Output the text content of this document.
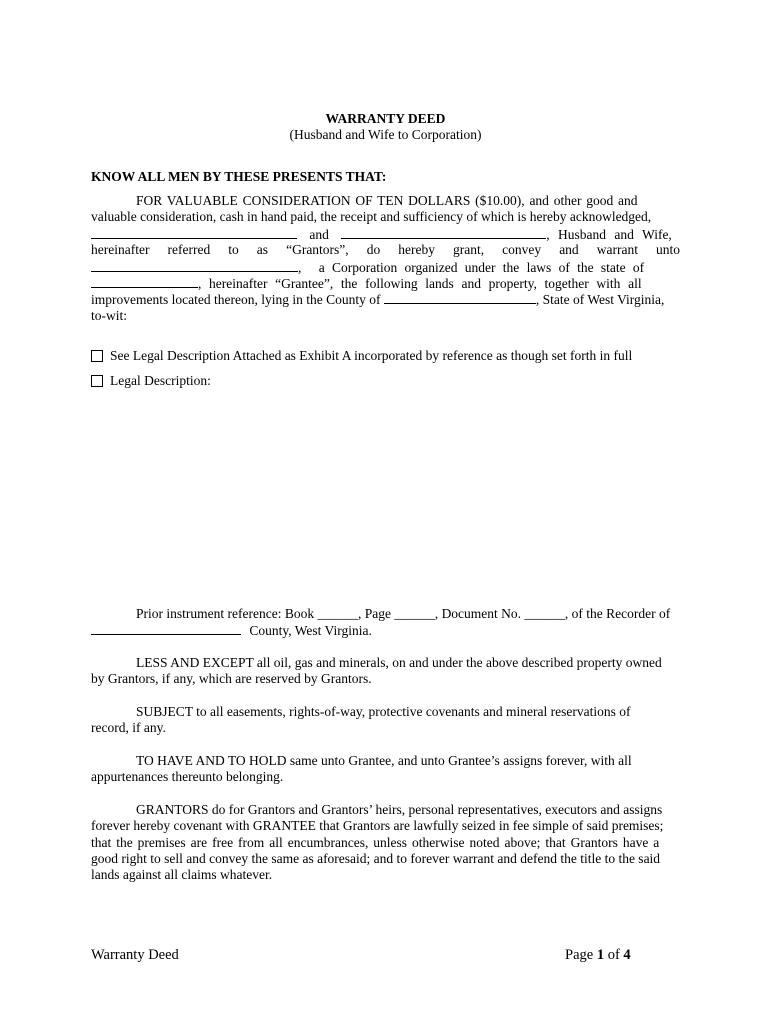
WARRANTY DEED
(Husband and Wife to Corporation)
KNOW ALL MEN BY THESE PRESENTS THAT:
FOR VALUABLE CONSIDERATION OF TEN DOLLARS ($10.00), and other good and
valuable consideration, cash in hand paid, the receipt and sufficiency of which is hereby acknowledged,
and	, Husband and Wife,
hereinafter referred to as “Grantors”, do hereby grant, convey and warrant unto
, a Corporation organized under the laws of the state of
, hereinafter “Grantee”, the following lands and property, together with all
improvements located thereon, lying in the County of	, State of West Virginia,
to-wit:
See Legal Description Attached as Exhibit A incorporated by reference as though set forth in full
Legal Description:
Prior instrument reference: Book ______, Page ______, Document No. ______, of the Recorder of
County, West Virginia.
LESS AND EXCEPT all oil, gas and minerals, on and under the above described property owned
by Grantors, if any, which are reserved by Grantors.
SUBJECT to all easements, rights-of-way, protective covenants and mineral reservations of
record, if any.
TO HAVE AND TO HOLD same unto Grantee, and unto Grantee’s assigns forever, with all
appurtenances thereunto belonging.
GRANTORS do for Grantors and Grantors’ heirs, personal representatives, executors and assigns
forever hereby covenant with GRANTEE that Grantors are lawfully seized in fee simple of said premises;
that the premises are free from all encumbrances, unless otherwise noted above; that Grantors have a
good right to sell and convey the same as aforesaid; and to forever warrant and defend the title to the said
lands against all claims whatever.
Warranty Deed	Page 1 of 4
